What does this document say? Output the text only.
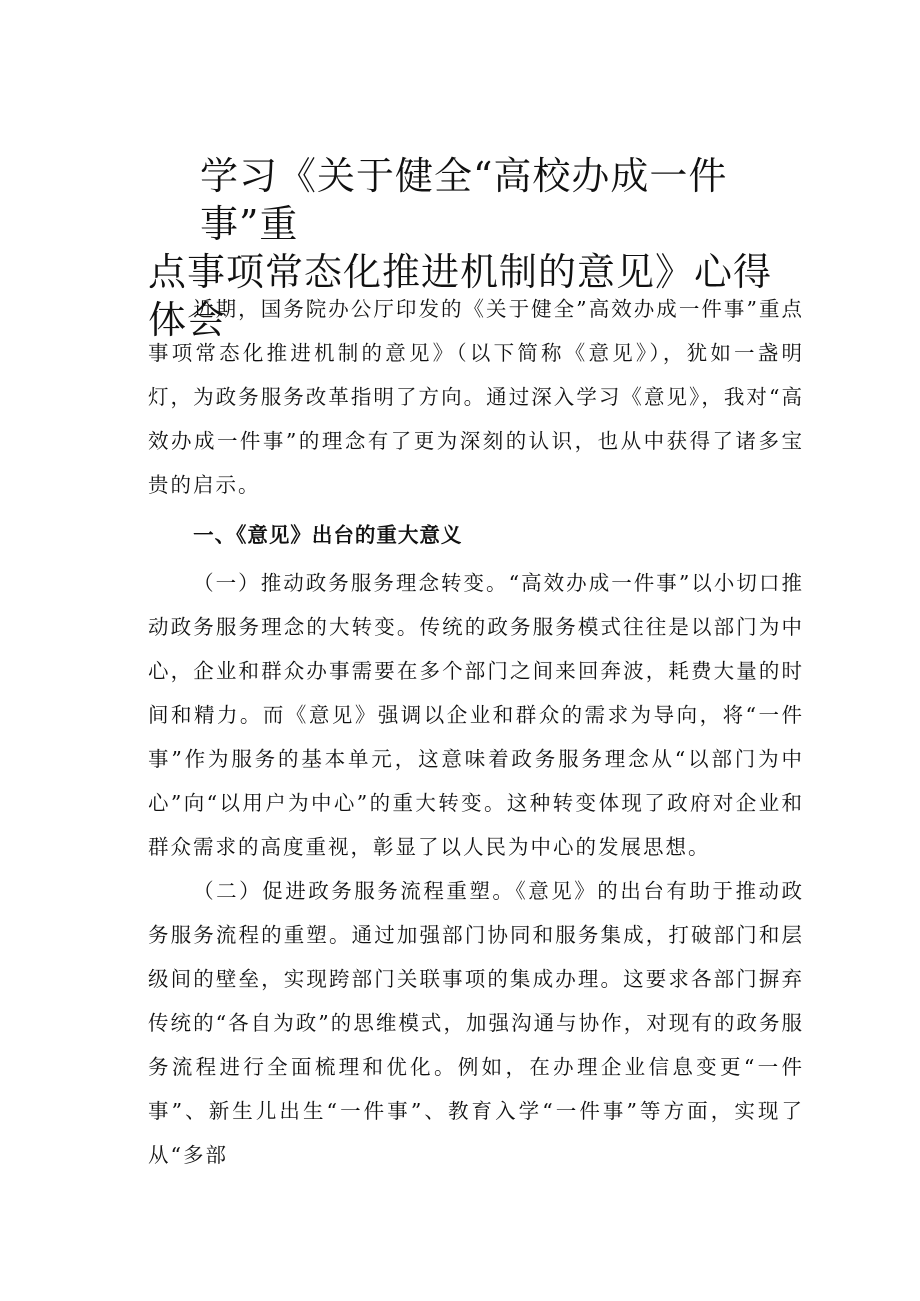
学习《关于健全“高校办成一件事”重
点事项常态化推进机制的意见》心得体会

近期，国务院办公厅印发的《关于健全”高效办成一件事”重点事项常态化推进机制的意见》（以下简称《意见》），犹如一盏明灯，为政务服务改革指明了方向。通过深入学习《意见》，我对“高效办成一件事”的理念有了更为深刻的认识，也从中获得了诸多宝贵的启示。

一、《意见》出台的重大意义

（一）推动政务服务理念转变。“高效办成一件事”以小切口推动政务服务理念的大转变。传统的政务服务模式往往是以部门为中心，企业和群众办事需要在多个部门之间来回奔波，耗费大量的时间和精力。而《意见》强调以企业和群众的需求为导向，将“一件事”作为服务的基本单元，这意味着政务服务理念从“以部门为中心”向“以用户为中心”的重大转变。这种转变体现了政府对企业和群众需求的高度重视，彰显了以人民为中心的发展思想。

（二）促进政务服务流程重塑。《意见》的出台有助于推动政务服务流程的重塑。通过加强部门协同和服务集成，打破部门和层级间的壁垒，实现跨部门关联事项的集成办理。这要求各部门摒弃传统的“各自为政”的思维模式，加强沟通与协作，对现有的政务服务流程进行全面梳理和优化。例如，在办理企业信息变更“一件事”、新生儿出生“一件事”、教育入学“一件事”等方面，实现了从“多部
